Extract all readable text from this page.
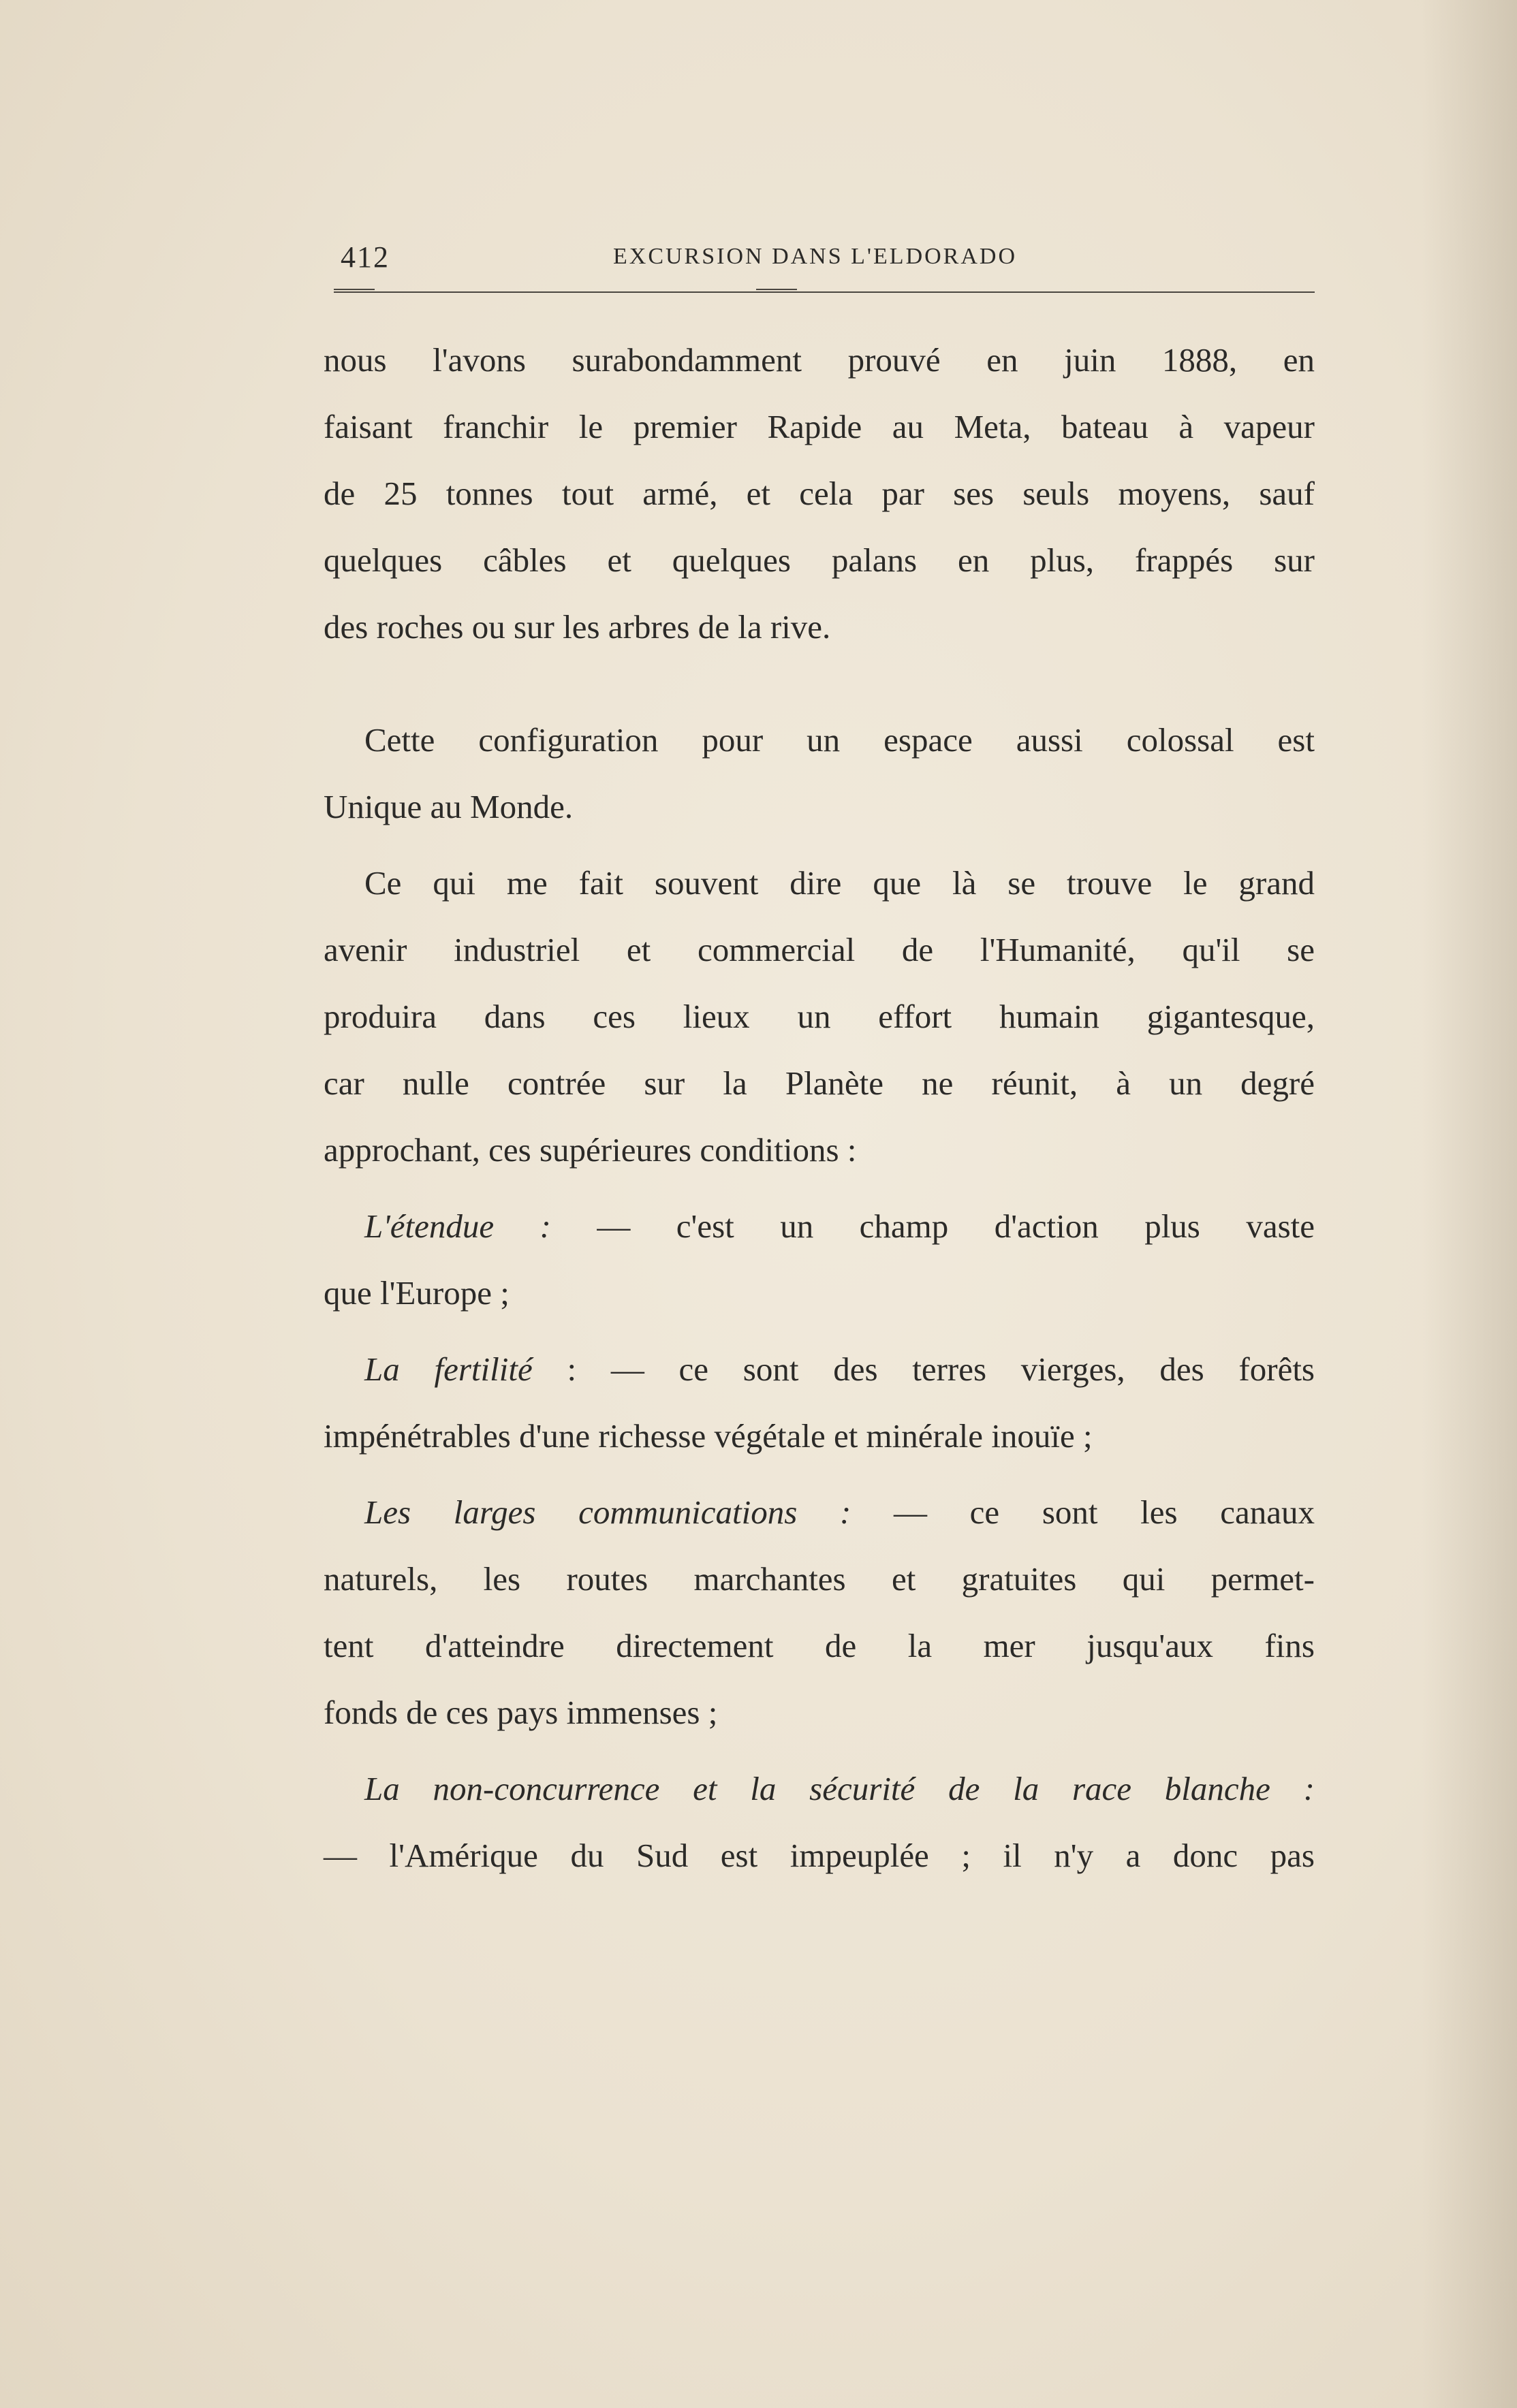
412	EXCURSION DANS L'ELDORADO
nous l'avons surabondamment prouvé en juin 1888, en
faisant franchir le premier Rapide au Meta, bateau à vapeur
de 25 tonnes tout armé, et cela par ses seuls moyens, sauf
quelques câbles et quelques palans en plus, frappés sur
des roches ou sur les arbres de la rive.
Cette configuration pour un espace aussi colossal est
Unique au Monde.
Ce qui me fait souvent dire que là se trouve le grand
avenir industriel et commercial de l'Humanité, qu'il se
produira dans ces lieux un effort humain gigantesque,
car nulle contrée sur la Planète ne réunit, à un degré
approchant, ces supérieures conditions :
L'étendue : — c'est un champ d'action plus vaste
que l'Europe ;
La fertilité : — ce sont des terres vierges, des forêts
impénétrables d'une richesse végétale et minérale inouïe ;
Les larges communications : — ce sont les canaux
naturels, les routes marchantes et gratuites qui permet-
tent d'atteindre directement de la mer jusqu'aux fins
fonds de ces pays immenses ;
La non-concurrence et la sécurité de la race blanche :
— l'Amérique du Sud est impeuplée ; il n'y a donc pas
